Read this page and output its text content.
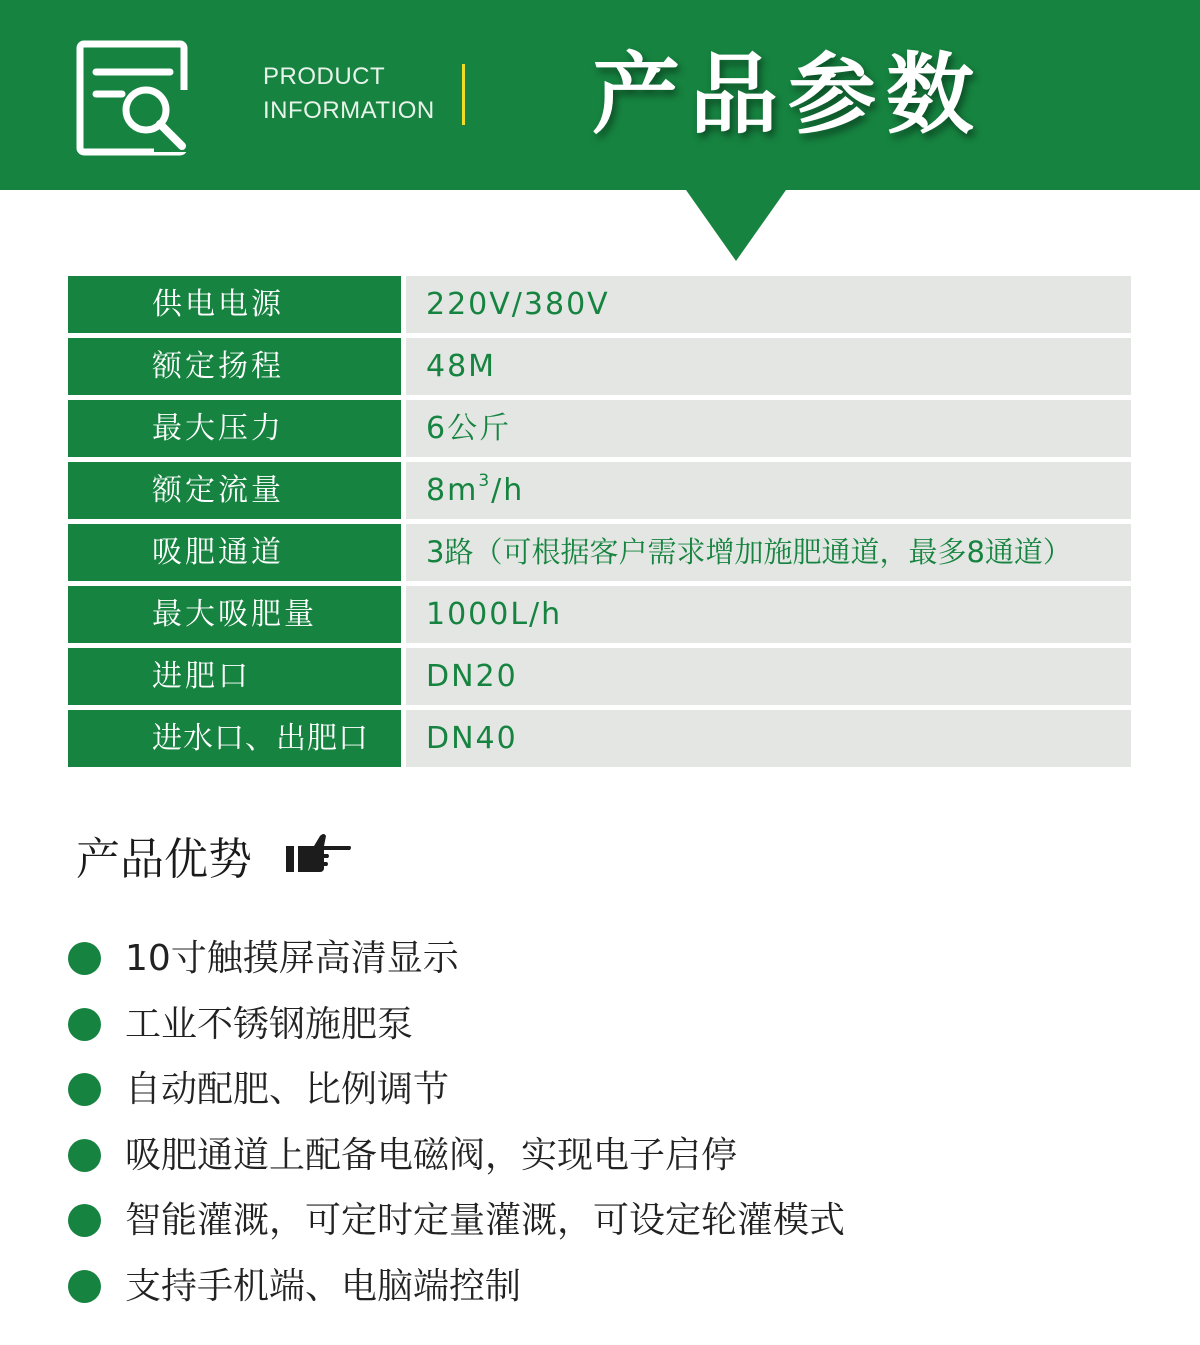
PRODUCT
INFORMATION 产品参数
供电电源	220V/380V
额定扬程	48M
最大压力	6公斤
额定流量	$8m^3/h$
吸肥通道	3路（可根据客户需求增加施肥通道，最多8通道）
最大吸肥量	1000L/h
进肥口	DN20
进水口、出肥口	DN40
产品优势
10寸触摸屏高清显示
工业不锈钢施肥泵
自动配肥、比例调节
吸肥通道上配备电磁阀，实现电子启停
智能灌溉，可定时定量灌溉，可设定轮灌模式
支持手机端、电脑端控制
